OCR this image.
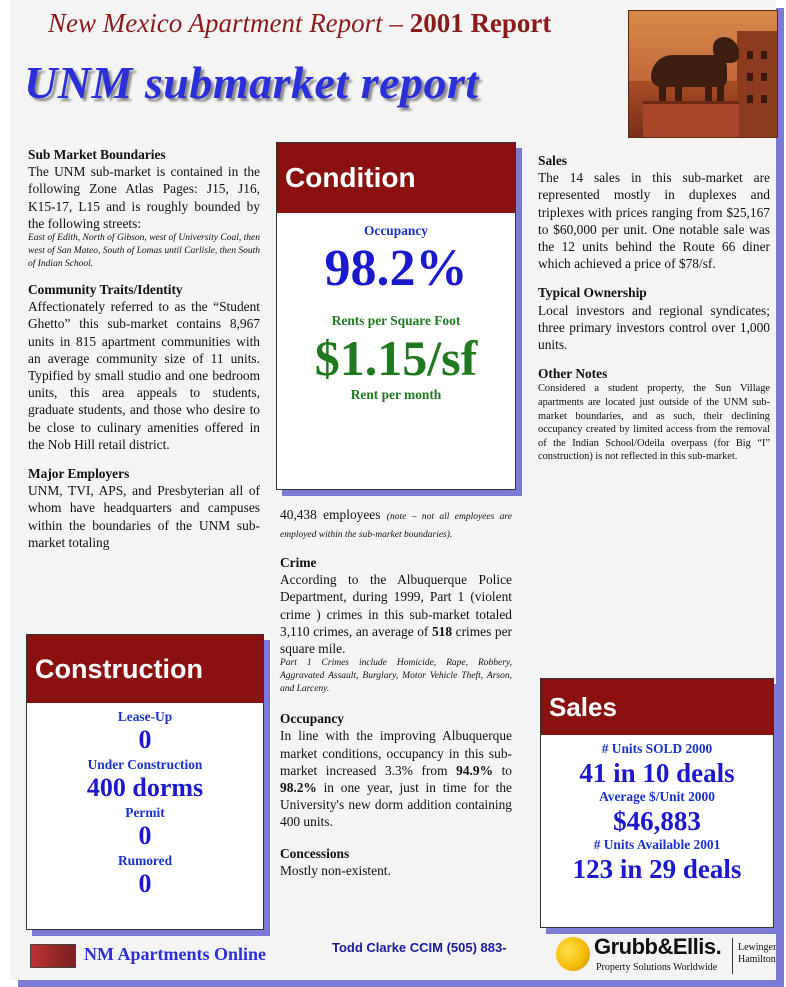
New Mexico Apartment Report – 2001 Report
UNM submarket report
Sub Market Boundaries

The UNM sub-market is contained in the following Zone Atlas Pages: J15, J16, K15-17, L15 and is roughly bounded by the following streets:

East of Edith, North of Gibson, west of University Coal, then west of San Mateo, South of Lomas until Carlisle, then South of Indian School.

Community Traits/Identity

Affectionately referred to as the “Student Ghetto” this sub-market contains 8,967 units in 815 apartment communities with an average community size of 11 units. Typified by small studio and one bedroom units, this area appeals to students, graduate students, and those who desire to be close to culinary amenities offered in the Nob Hill retail district.

Major Employers

UNM, TVI, APS, and Presbyterian all of whom have headquarters and campuses within the boundaries of the UNM sub-market totaling

Condition
Occupancy
98.2%
Rents per Square Foot
$1.15/sf
Rent per month

40,438 employees (note – not all employees are employed within the sub-market boundaries).

Crime

According to the Albuquerque Police Department, during 1999, Part 1 (violent crime ) crimes in this sub-market totaled 3,110 crimes, an average of 518 crimes per square mile.

Part 1 Crimes include Homicide, Rape, Robbery, Aggravated Assault, Burglary, Motor Vehicle Theft, Arson, and Larceny.

Occupancy

In line with the improving Albuquerque market conditions, occupancy in this sub-market increased 3.3% from 94.9% to 98.2% in one year, just in time for the University's new dorm addition containing 400 units.

Concessions

Mostly non-existent.

Sales

The 14 sales in this sub-market are represented mostly in duplexes and triplexes with prices ranging from $25,167 to $60,000 per unit. One notable sale was the 12 units behind the Route 66 diner which achieved a price of $78/sf.

Typical Ownership

Local investors and regional syndicates; three primary investors control over 1,000 units.

Other Notes

Considered a student property, the Sun Village apartments are located just outside of the UNM sub-market boundaries, and as such, their declining occupancy created by limited access from the removal of the Indian School/Odeila overpass (for Big “I” construction) is not reflected in this sub-market.

Construction
Lease-Up
0
Under Construction
400 dorms
Permit
0
Rumored
0
Sales
# Units SOLD 2000
41 in 10 deals
Average $/Unit 2000
$46,883
# Units Available 2001
123 in 29 deals
NM Apartments Online	Todd Clarke CCIM (505) 883-	Grubb&Ellis.
Property Solutions Worldwide
Lewinger
Hamilton
